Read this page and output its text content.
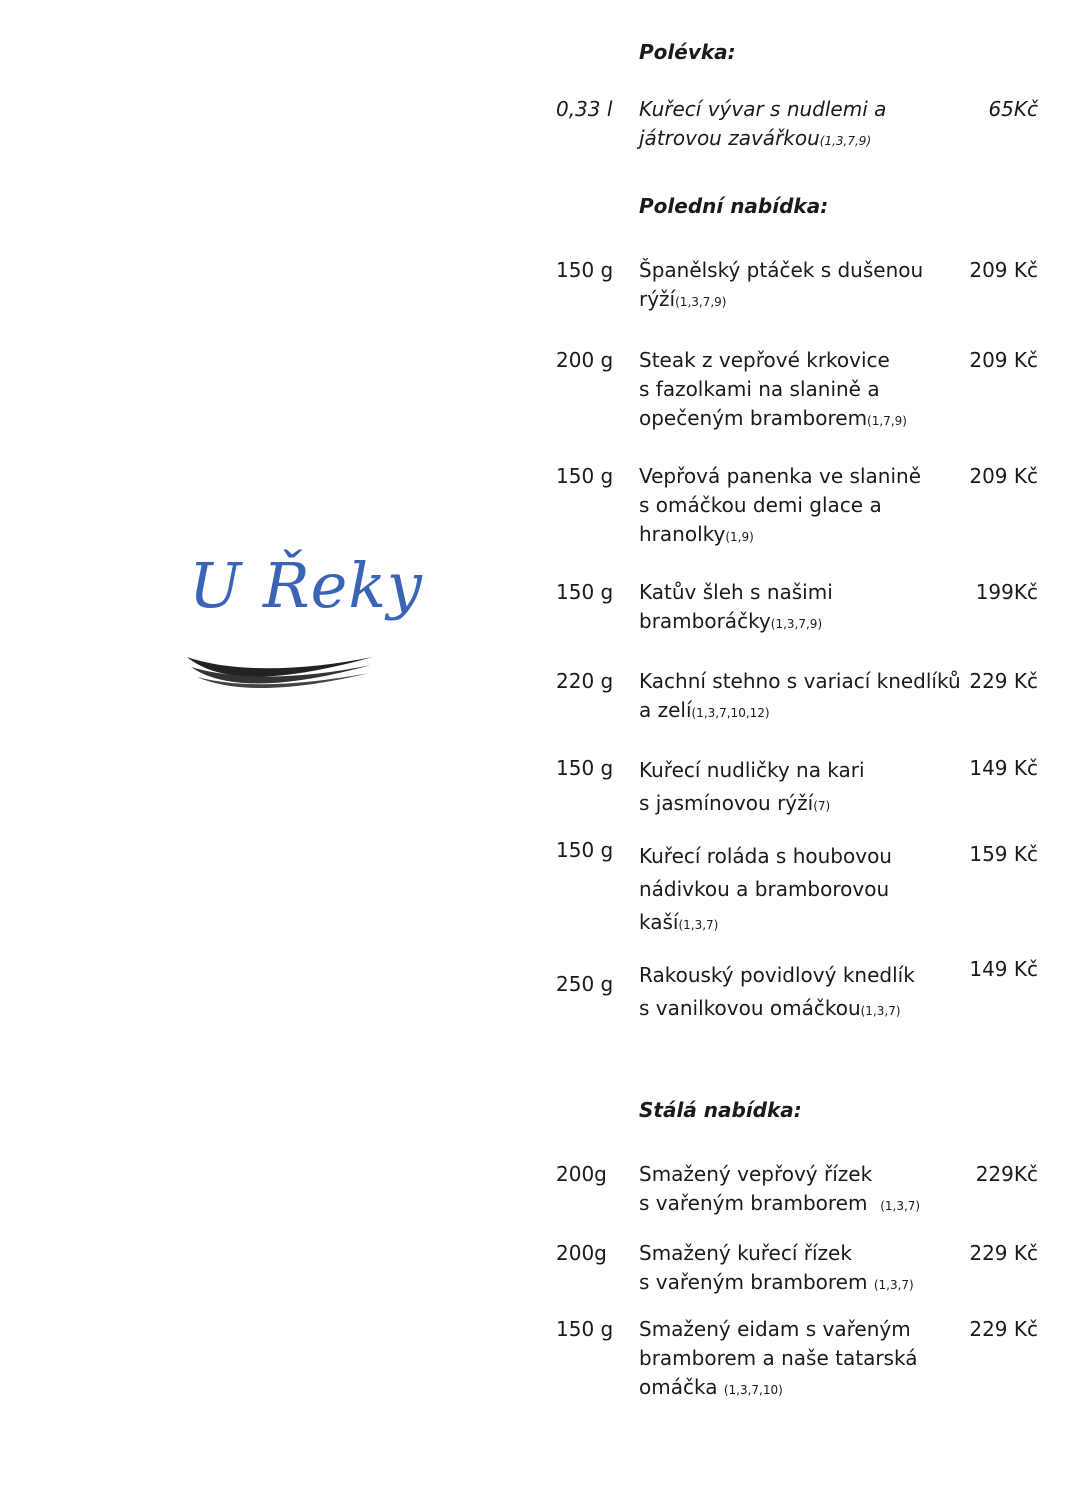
U Řeky
Polévka:
0,33 l Kuřecí vývar s nudlemi a
játrovou zavářkou(1,3,7,9)
65Kč
Polední nabídka:
150 g Španělský ptáček s dušenou
rýží(1,3,7,9)
209 Kč
200 g Steak z vepřové krkovice
s fazolkami na slanině a
opečeným bramborem(1,7,9)
209 Kč
150 g Vepřová panenka ve slanině
s omáčkou demi glace a
hranolky(1,9)
209 Kč
150 g Katův šleh s našimi
bramboráčky(1,3,7,9)
199Kč
220 g Kachní stehno s variací knedlíků
a zelí(1,3,7,10,12)
229 Kč
150 g Kuřecí nudličky na kari
s jasmínovou rýží(7)
149 Kč
150 g Kuřecí roláda s houbovou
nádivkou a bramborovou
kaší(1,3,7)
159 Kč
250 g Rakouský povidlový knedlík
s vanilkovou omáčkou(1,3,7)
149 Kč
Stálá nabídka:
200g Smažený vepřový řízek
s vařeným bramborem  (1,3,7)
229Kč
200g Smažený kuřecí řízek
s vařeným bramborem (1,3,7)
229 Kč
150 g Smažený eidam s vařeným
bramborem a naše tatarská
omáčka (1,3,7,10)
229 Kč
